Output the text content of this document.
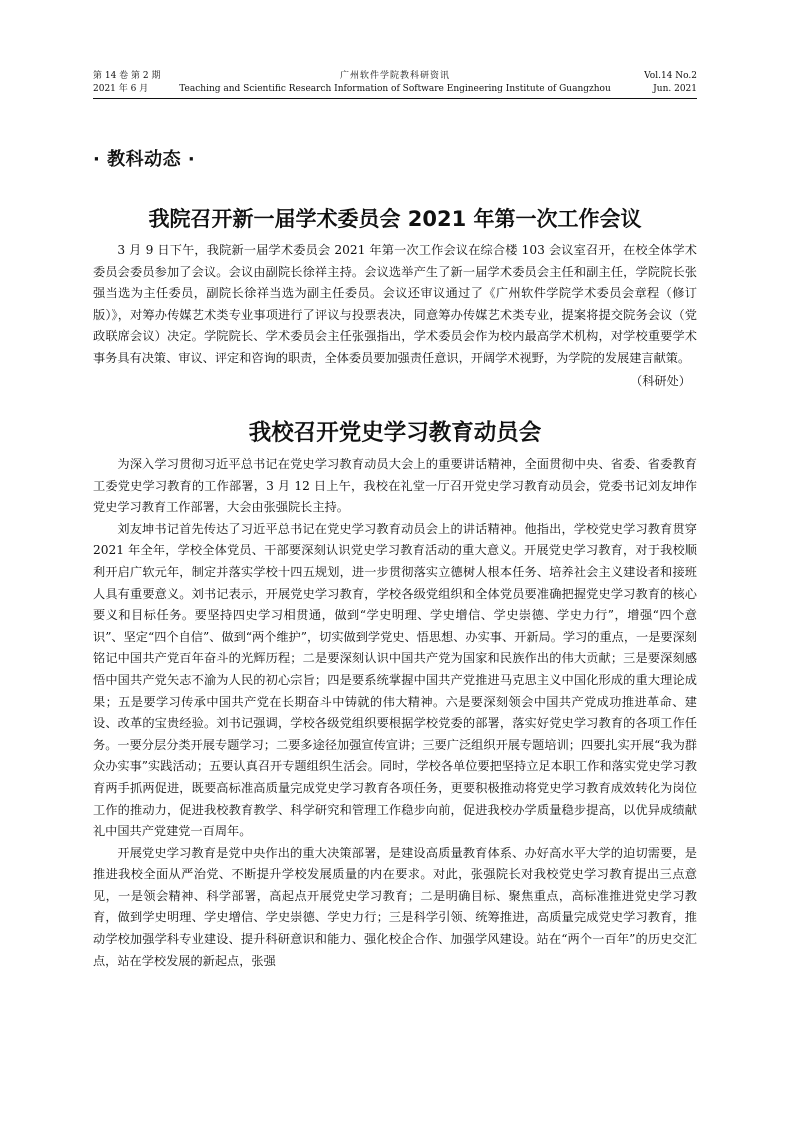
第 14 卷 第 2 期
2021 年 6 月
广州软件学院教科研资讯
Teaching and Scientific Research Information of Software Engineering Institute of Guangzhou
Vol.14 No.2
Jun. 2021
· 教科动态 ·
我院召开新一届学术委员会 2021 年第一次工作会议

3 月 9 日下午，我院新一届学术委员会 2021 年第一次工作会议在综合楼 103 会议室召开，在校全体学术委员会委员参加了会议。会议由副院长徐祥主持。会议选举产生了新一届学术委员会主任和副主任，学院院长张强当选为主任委员，副院长徐祥当选为副主任委员。会议还审议通过了《广州软件学院学术委员会章程（修订版）》，对筹办传媒艺术类专业事项进行了评议与投票表决，同意筹办传媒艺术类专业，提案将提交院务会议（党政联席会议）决定。学院院长、学术委员会主任张强指出，学术委员会作为校内最高学术机构，对学校重要学术事务具有决策、审议、评定和咨询的职责，全体委员要加强责任意识，开阔学术视野，为学院的发展建言献策。

（科研处）

我校召开党史学习教育动员会

为深入学习贯彻习近平总书记在党史学习教育动员大会上的重要讲话精神，全面贯彻中央、省委、省委教育工委党史学习教育的工作部署，3 月 12 日上午，我校在礼堂一厅召开党史学习教育动员会，党委书记刘友坤作党史学习教育工作部署，大会由张强院长主持。

刘友坤书记首先传达了习近平总书记在党史学习教育动员会上的讲话精神。他指出，学校党史学习教育贯穿 2021 年全年，学校全体党员、干部要深刻认识党史学习教育活动的重大意义。开展党史学习教育，对于我校顺利开启广软元年，制定并落实学校十四五规划，进一步贯彻落实立德树人根本任务、培养社会主义建设者和接班人具有重要意义。刘书记表示，开展党史学习教育，学校各级党组织和全体党员要准确把握党史学习教育的核心要义和目标任务。要坚持四史学习相贯通，做到“学史明理、学史增信、学史崇德、学史力行”，增强“四个意识”、坚定“四个自信”、做到“两个维护”，切实做到学党史、悟思想、办实事、开新局。学习的重点，一是要深刻铭记中国共产党百年奋斗的光辉历程；二是要深刻认识中国共产党为国家和民族作出的伟大贡献；三是要深刻感悟中国共产党矢志不渝为人民的初心宗旨；四是要系统掌握中国共产党推进马克思主义中国化形成的重大理论成果；五是要学习传承中国共产党在长期奋斗中铸就的伟大精神。六是要深刻领会中国共产党成功推进革命、建设、改革的宝贵经验。刘书记强调，学校各级党组织要根据学校党委的部署，落实好党史学习教育的各项工作任务。一要分层分类开展专题学习；二要多途径加强宣传宣讲；三要广泛组织开展专题培训；四要扎实开展“我为群众办实事”实践活动；五要认真召开专题组织生活会。同时，学校各单位要把坚持立足本职工作和落实党史学习教育两手抓两促进，既要高标准高质量完成党史学习教育各项任务，更要积极推动将党史学习教育成效转化为岗位工作的推动力，促进我校教育教学、科学研究和管理工作稳步向前，促进我校办学质量稳步提高，以优异成绩献礼中国共产党建党一百周年。

开展党史学习教育是党中央作出的重大决策部署，是建设高质量教育体系、办好高水平大学的迫切需要，是推进我校全面从严治党、不断提升学校发展质量的内在要求。对此，张强院长对我校党史学习教育提出三点意见，一是领会精神、科学部署，高起点开展党史学习教育；二是明确目标、聚焦重点，高标准推进党史学习教育，做到学史明理、学史增信、学史崇德、学史力行；三是科学引领、统筹推进，高质量完成党史学习教育，推动学校加强学科专业建设、提升科研意识和能力、强化校企合作、加强学风建设。站在“两个一百年”的历史交汇点，站在学校发展的新起点，张强
